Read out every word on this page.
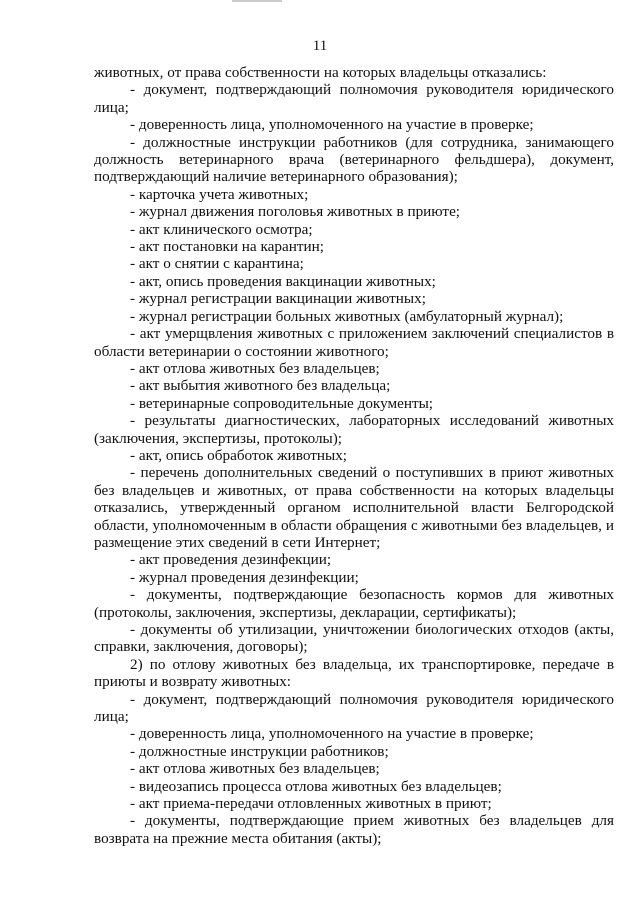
11

животных, от права собственности на которых владельцы отказались:

- документ, подтверждающий полномочия руководителя юридического лица;

- доверенность лица, уполномоченного на участие в проверке;

- должностные инструкции работников (для сотрудника, занимающего должность ветеринарного врача (ветеринарного фельдшера), документ, подтверждающий наличие ветеринарного образования);

- карточка учета животных;

- журнал движения поголовья животных в приюте;

- акт клинического осмотра;

- акт постановки на карантин;

- акт о снятии с карантина;

- акт, опись проведения вакцинации животных;

- журнал регистрации вакцинации животных;

- журнал регистрации больных животных (амбулаторный журнал);

- акт умерщвления животных с приложением заключений специалистов в области ветеринарии о состоянии животного;

- акт отлова животных без владельцев;

- акт выбытия животного без владельца;

- ветеринарные сопроводительные документы;

- результаты диагностических, лабораторных исследований животных (заключения, экспертизы, протоколы);

- акт, опись обработок животных;

- перечень дополнительных сведений о поступивших в приют животных без владельцев и животных, от права собственности на которых владельцы отказались, утвержденный органом исполнительной власти Белгородской области, уполномоченным в области обращения с животными без владельцев, и размещение этих сведений в сети Интернет;

- акт проведения дезинфекции;

- журнал проведения дезинфекции;

- документы, подтверждающие безопасность кормов для животных (протоколы, заключения, экспертизы, декларации, сертификаты);

- документы об утилизации, уничтожении биологических отходов (акты, справки, заключения, договоры);

2) по отлову животных без владельца, их транспортировке, передаче в приюты и возврату животных:

- документ, подтверждающий полномочия руководителя юридического лица;

- доверенность лица, уполномоченного на участие в проверке;

- должностные инструкции работников;

- акт отлова животных без владельцев;

- видеозапись процесса отлова животных без владельцев;

- акт приема-передачи отловленных животных в приют;

- документы, подтверждающие прием животных без владельцев для возврата на прежние места обитания (акты);
